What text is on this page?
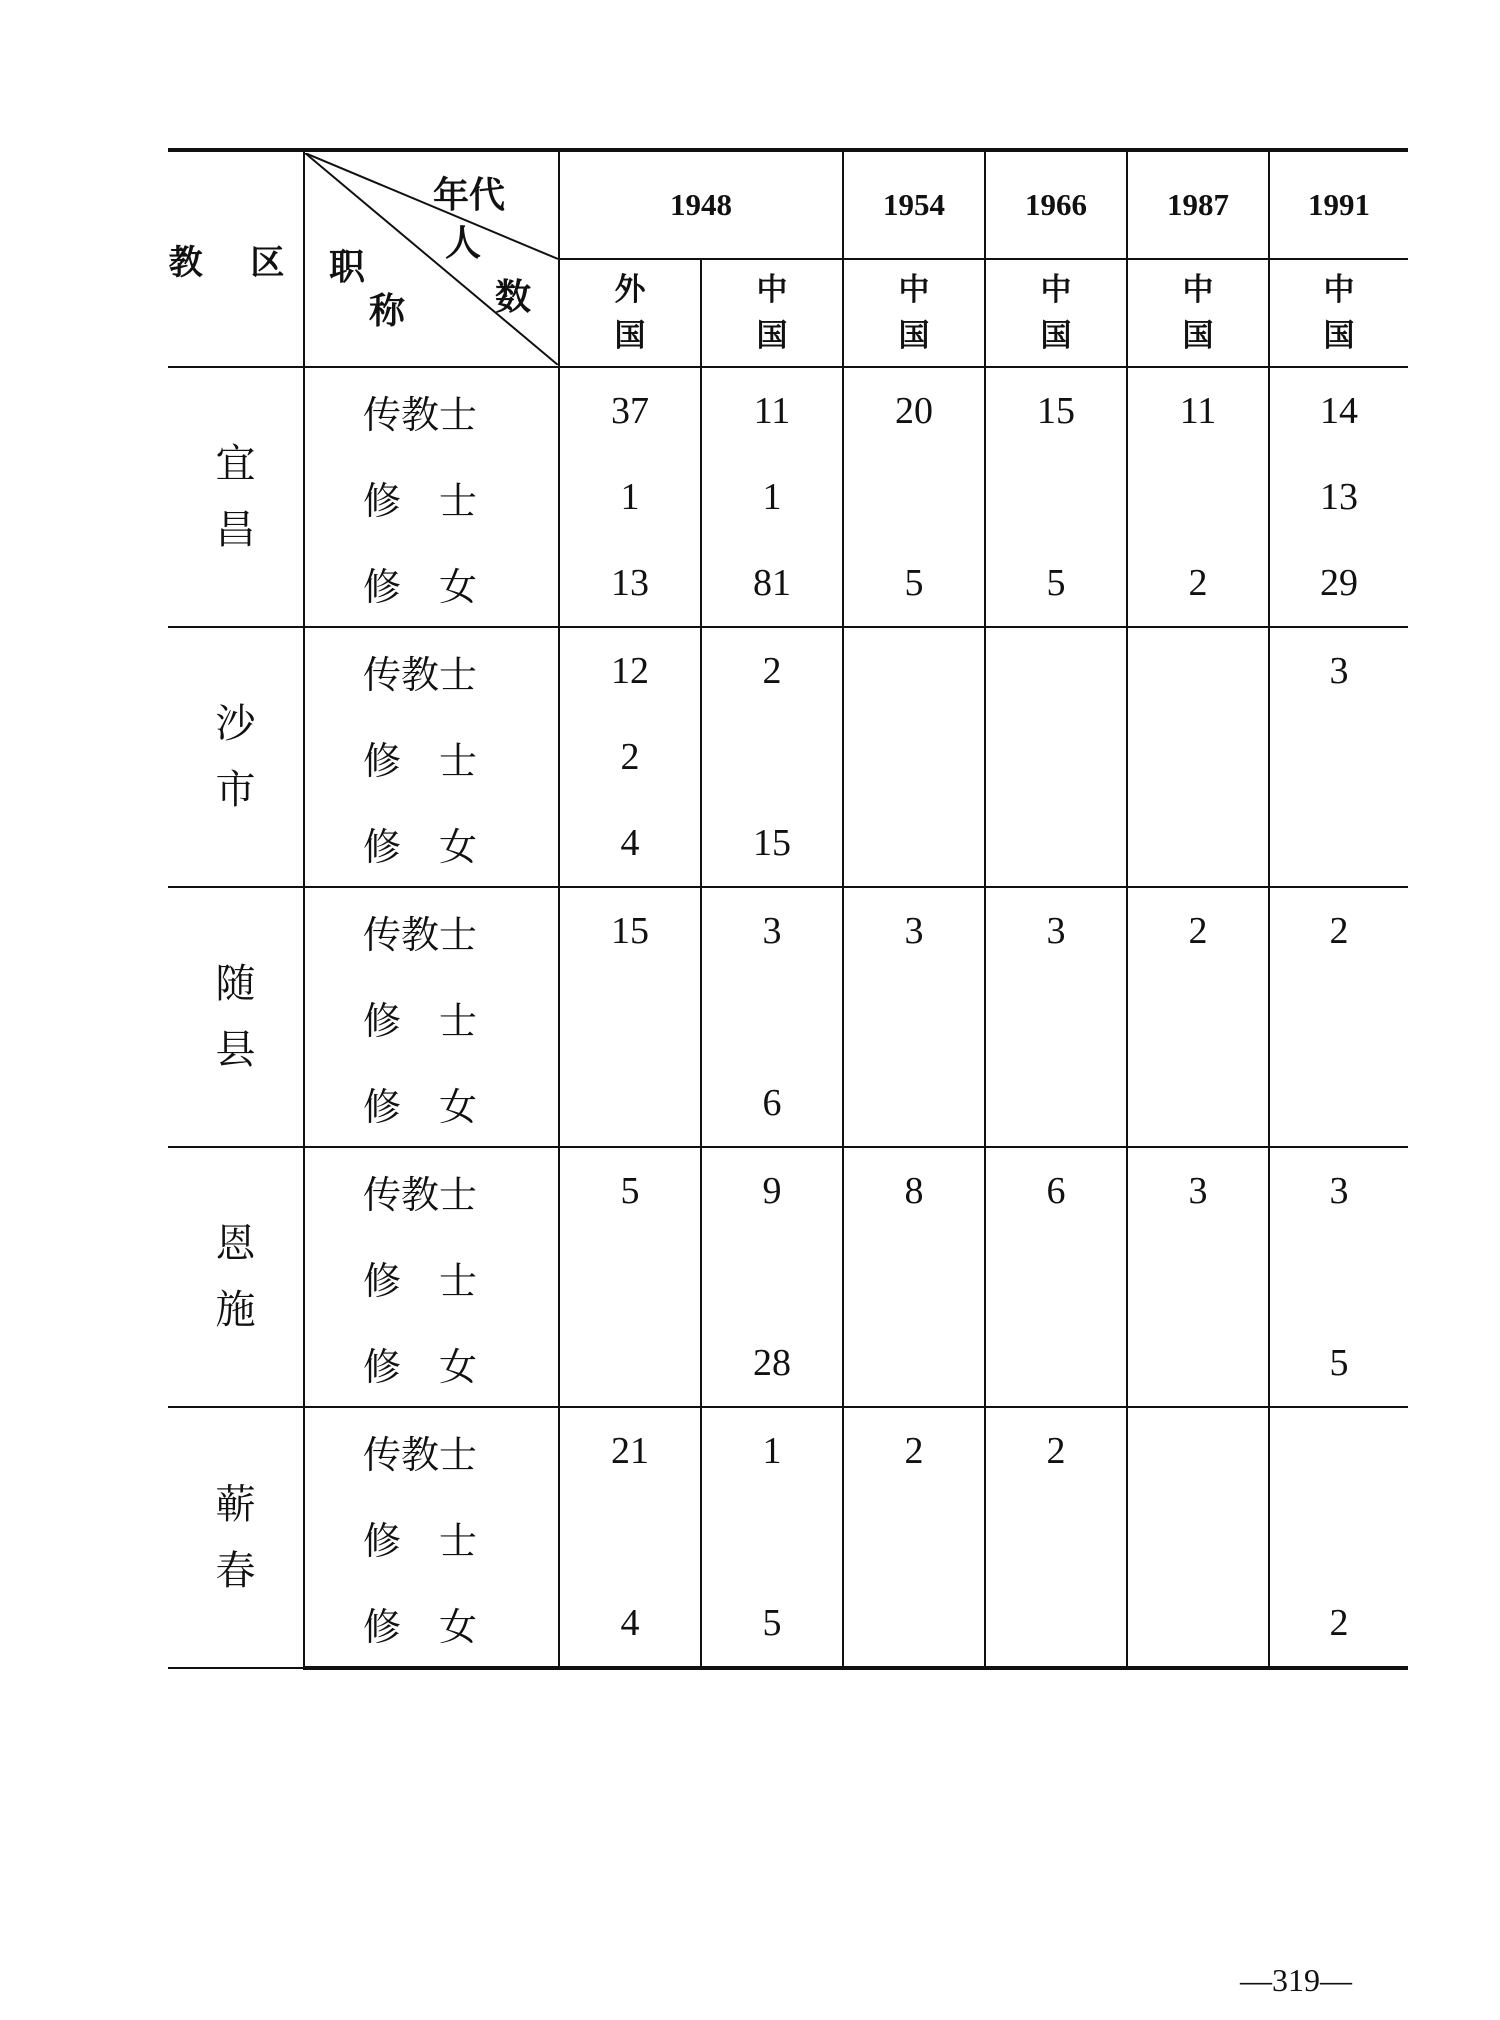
教 区	年代
人
数
职
称	1948		1954	1966	1987	1991
		外
国	中
国	中
国	中
国	中
国	中
国

宜
昌	传教士	37	11	20	15	11	14
	修　士	1	1				13
	修　女	13	81	5	5	2	29

沙
市	传教士	12	2				3
	修　士	2					
	修　女	4	15				

随
县	传教士	15	3	3	3	2	2
	修　士						
	修　女		6				

恩
施	传教士	5	9	8	6	3	3
	修　士						
	修　女		28				5

蕲
春	传教士	21	1	2	2		
	修　士						
	修　女	4	5				2
—319—
